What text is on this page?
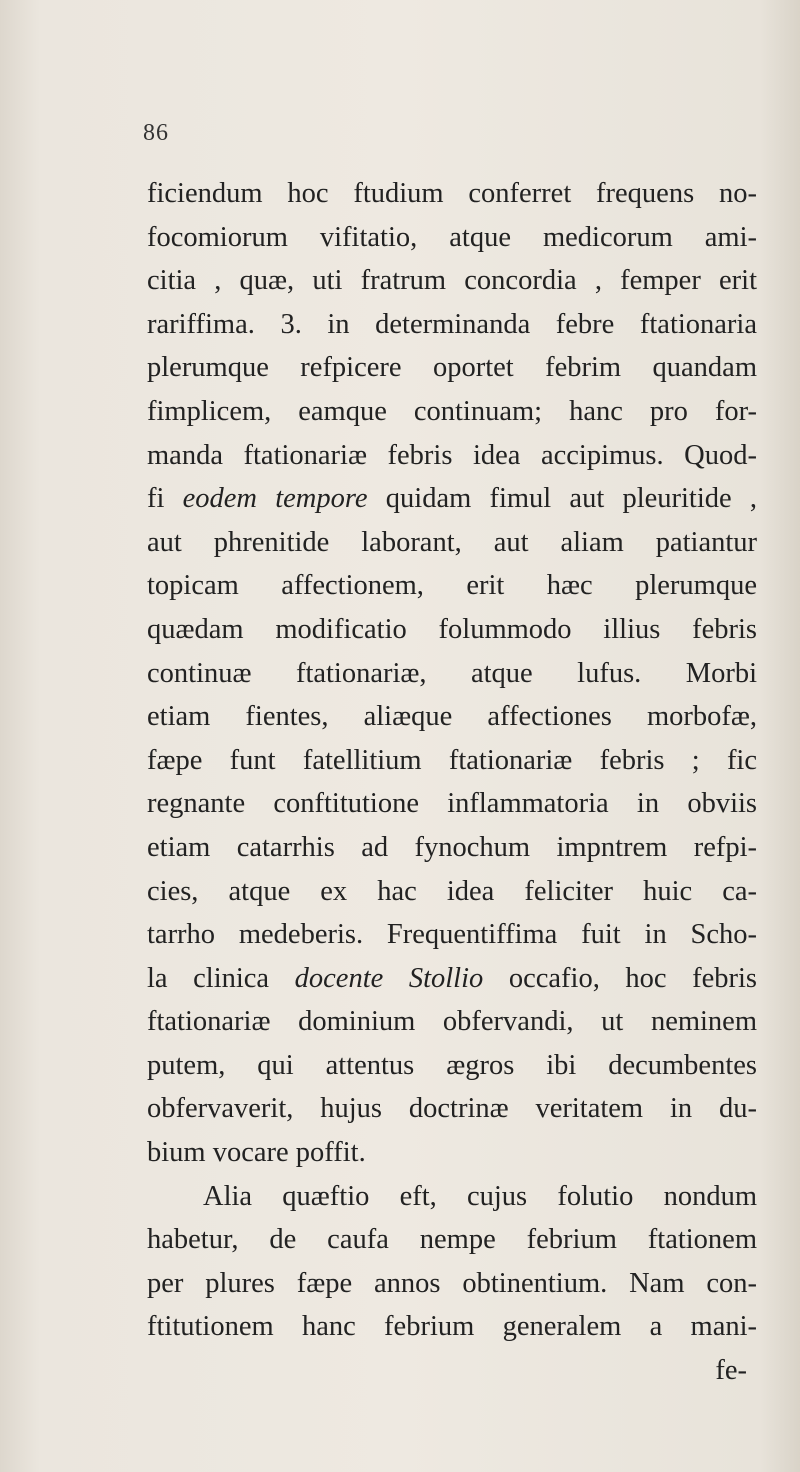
86
ficiendum hoc ftudium conferret frequens no-
focomiorum vifitatio, atque medicorum ami-
citia , quæ, uti fratrum concordia , femper erit
rariffima. 3. in determinanda febre ftationaria
plerumque refpicere oportet febrim quandam
fimplicem, eamque continuam; hanc pro for-
manda ftationariæ febris idea accipimus. Quod-
fi eodem tempore quidam fimul aut pleuritide ,
aut phrenitide laborant, aut aliam patiantur
topicam affectionem, erit hæc plerumque
quædam modificatio folummodo illius febris
continuæ ftationariæ, atque lufus. Morbi
etiam fientes, aliæque affectiones morbofæ,
fæpe funt fatellitium ftationariæ febris ; fic
regnante conftitutione inflammatoria in obviis
etiam catarrhis ad fynochum impntrem refpi-
cies, atque ex hac idea feliciter huic ca-
tarrho medeberis. Frequentiffima fuit in Scho-
la clinica docente Stollio occafio, hoc febris
ftationariæ dominium obfervandi, ut neminem
putem, qui attentus ægros ibi decumbentes
obfervaverit, hujus doctrinæ veritatem in du-
bium vocare poffit.
Alia quæftio eft, cujus folutio nondum
habetur, de caufa nempe febrium ftationem
per plures fæpe annos obtinentium. Nam con-
ftitutionem hanc febrium generalem a mani-
fe-
